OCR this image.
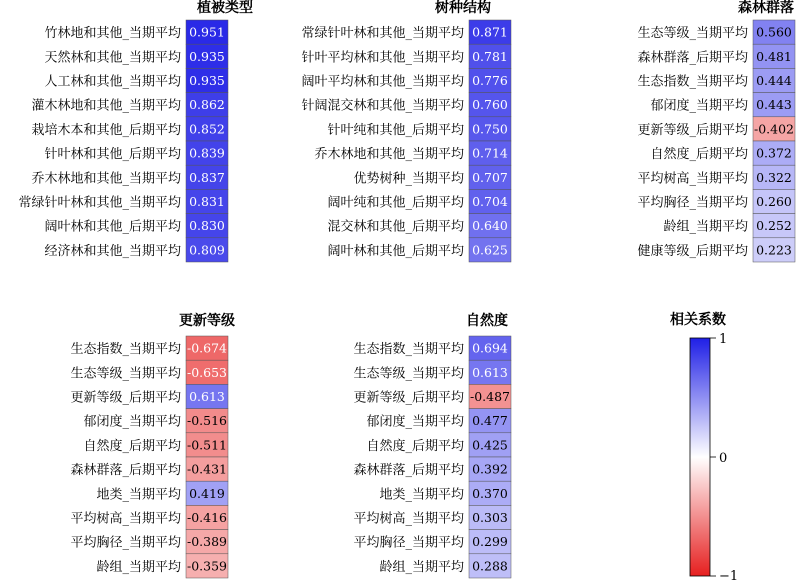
植被类型
0.951
竹林地和其他_当期平均
0.935
天然林和其他_当期平均
0.935
人工林和其他_当期平均
0.862
灌木林地和其他_当期平均
0.852
栽培木本和其他_后期平均
0.839
针叶林和其他_后期平均
0.837
乔木林地和其他_当期平均
0.831
常绿针叶林和其他_当期平均
0.830
阔叶林和其他_后期平均
0.809
经济林和其他_当期平均
树种结构
0.871
常绿针叶林和其他_当期平均
0.781
针叶平均林和其他_当期平均
0.776
阔叶平均林和其他_当期平均
0.760
针阔混交林和其他_当期平均
0.750
针叶纯和其他_后期平均
0.714
乔木林地和其他_当期平均
0.707
优势树种_当期平均
0.704
阔叶纯和其他_后期平均
0.640
混交林和其他_后期平均
0.625
阔叶林和其他_后期平均
森林群落
0.560
生态等级_当期平均
0.481
森林群落_后期平均
0.444
生态指数_当期平均
0.443
郁闭度_当期平均
-0.402
更新等级_后期平均
0.372
自然度_后期平均
0.322
平均树高_当期平均
0.260
平均胸径_当期平均
0.252
龄组_当期平均
0.223
健康等级_后期平均
更新等级
-0.674
生态指数_当期平均
-0.653
生态等级_当期平均
0.613
更新等级_后期平均
-0.516
郁闭度_当期平均
-0.511
自然度_后期平均
-0.431
森林群落_后期平均
0.419
地类_当期平均
-0.416
平均树高_当期平均
-0.389
平均胸径_当期平均
-0.359
龄组_当期平均
自然度
0.694
生态指数_当期平均
0.613
生态等级_当期平均
-0.487
更新等级_后期平均
0.477
郁闭度_当期平均
0.425
自然度_后期平均
0.392
森林群落_后期平均
0.370
地类_当期平均
0.303
平均树高_当期平均
0.299
平均胸径_当期平均
0.288
龄组_当期平均
相关系数
1
0
−1
